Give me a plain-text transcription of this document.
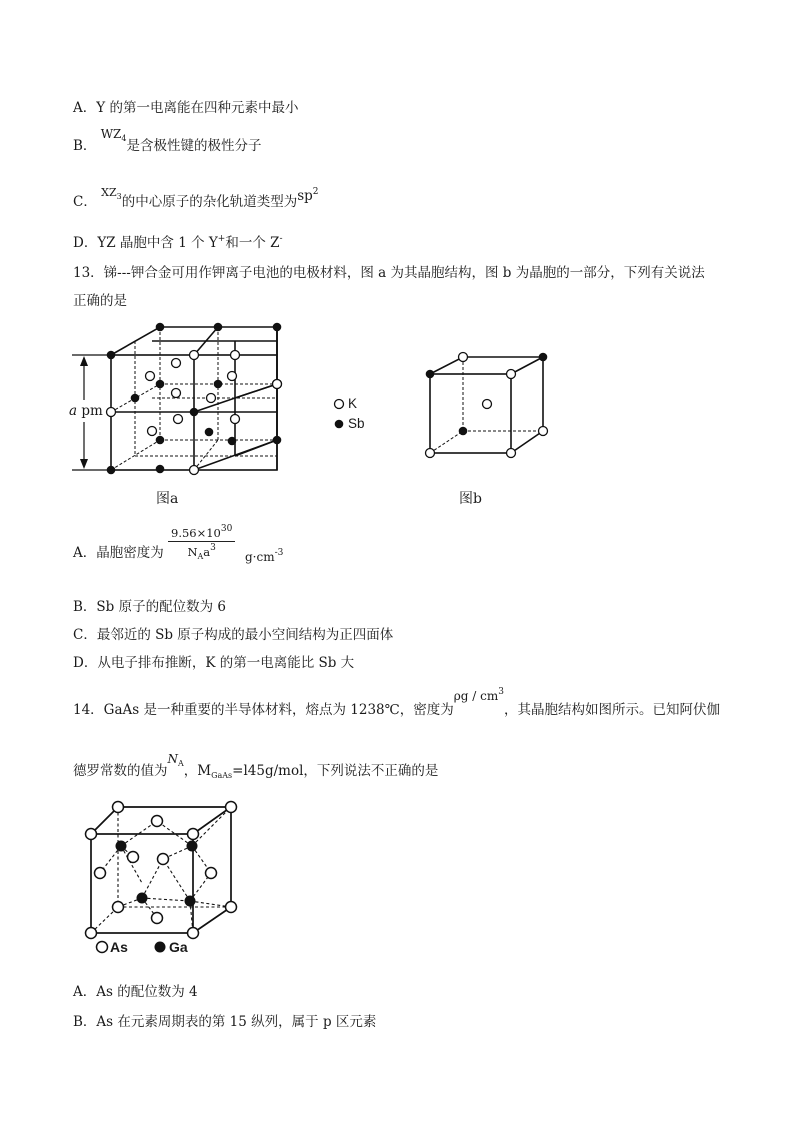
A．Y 的第一电离能在四种元素中最小
B． $WZ_4$是含极性键的极性分子
C． $^{XZ_3}$的中心原子的杂化轨道类型为$sp^2$
D．YZ 晶胞中含 1 个 Y+和一个 Z-
13．锑---钾合金可用作钾离子电池的电极材料，图 a 为其晶胞结构，图 b 为晶胞的一部分，下列有关说法
正确的是
a pm	K
Sb
图a	图b
A．晶胞密度为
$9.56\times 10^{30}$
$N_Aa^3$
$g\cdot cm^{-3}$
B．Sb 原子的配位数为 6
C．最邻近的 Sb 原子构成的最小空间结构为正四面体
D．从电子排布推断，K 的第一电离能比 Sb 大
14．GaAs 是一种重要的半导体材料，熔点为 1238℃，密度为ρg / $cm^3$，其晶胞结构如图所示。已知阿伏伽
德罗常数的值为$N_A$，$M_{GaAs}=l45g$/mol，下列说法不正确的是
As	Ga
A．As 的配位数为 4
B．As 在元素周期表的第 15 纵列，属于 p 区元素
